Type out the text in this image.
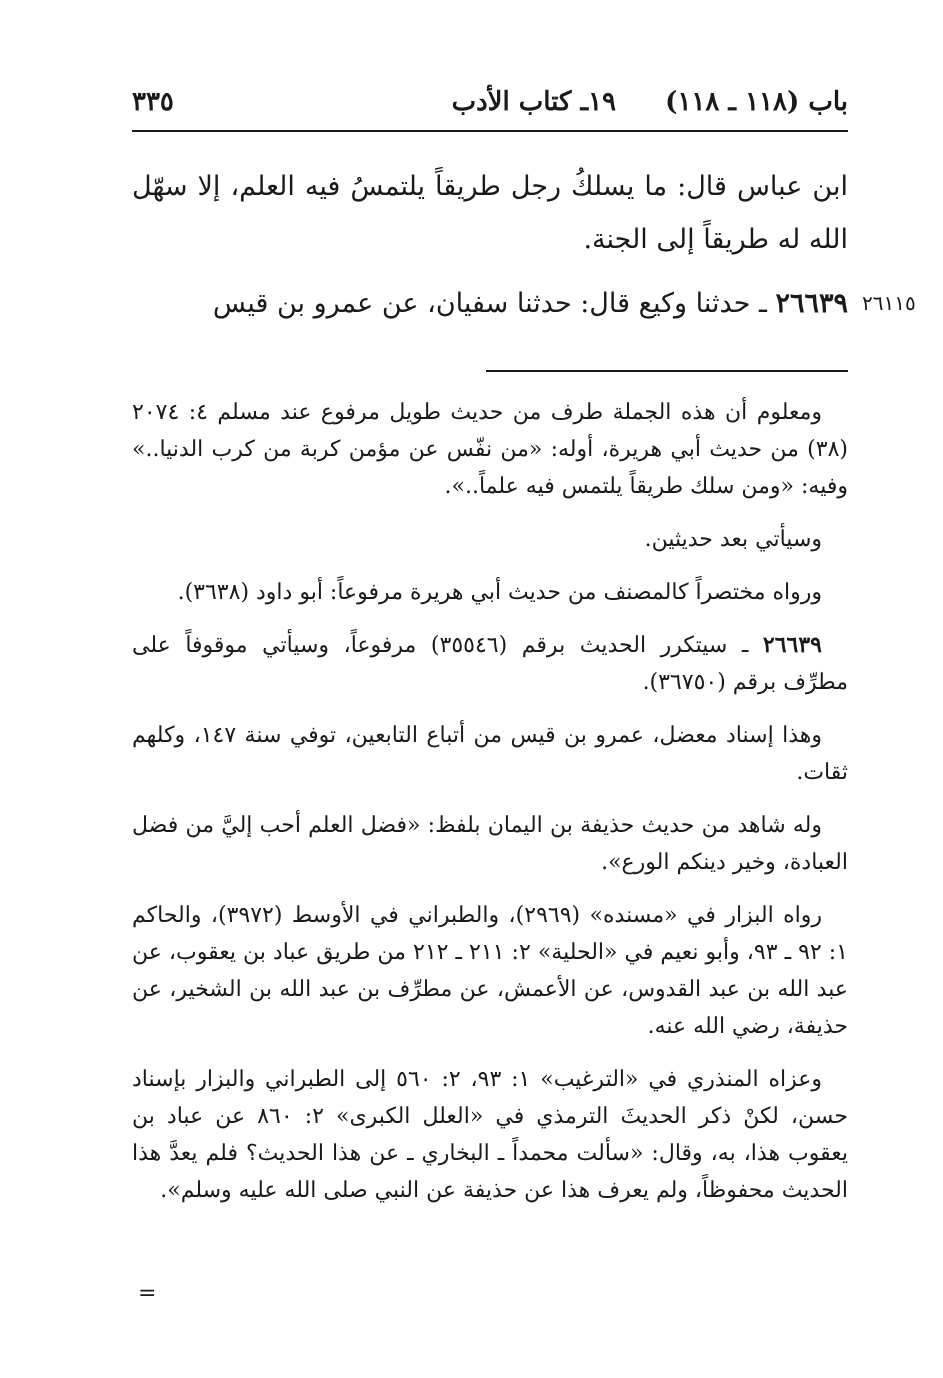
باب (١١٨ ـ ١١٨)
١٩ـ كتاب الأدب
٣٣٥

ابن عباس قال: ما يسلكُ رجل طريقاً يلتمسُ فيه العلم، إلا سهّل الله له طريقاً إلى الجنة.

٢٦١١٥
٢٦٦٣٩ ـ حدثنا وكيع قال: حدثنا سفيان، عن عمرو بن قيس

ومعلوم أن هذه الجملة طرف من حديث طويل مرفوع عند مسلم ٤: ٢٠٧٤ (٣٨) من حديث أبي هريرة، أوله: «من نفّس عن مؤمن كربة من كرب الدنيا..» وفيه: «ومن سلك طريقاً يلتمس فيه علماً..».

وسيأتي بعد حديثين.

ورواه مختصراً كالمصنف من حديث أبي هريرة مرفوعاً: أبو داود (٣٦٣٨).

٢٦٦٣٩ ـ سيتكرر الحديث برقم (٣٥٥٤٦) مرفوعاً، وسيأتي موقوفاً على مطرِّف برقم (٣٦٧٥٠).

وهذا إسناد معضل، عمرو بن قيس من أتباع التابعين، توفي سنة ١٤٧، وكلهم ثقات.

وله شاهد من حديث حذيفة بن اليمان بلفظ: «فضل العلم أحب إليَّ من فضل العبادة، وخير دينكم الورع».

رواه البزار في «مسنده» (٢٩٦٩)، والطبراني في الأوسط (٣٩٧٢)، والحاكم ١: ٩٢ ـ ٩٣، وأبو نعيم في «الحلية» ٢: ٢١١ ـ ٢١٢ من طريق عباد بن يعقوب، عن عبد الله بن عبد القدوس، عن الأعمش، عن مطرِّف بن عبد الله بن الشخير، عن حذيفة، رضي الله عنه.

وعزاه المنذري في «الترغيب» ١: ٩٣، ٢: ٥٦٠ إلى الطبراني والبزار بإسناد حسن، لكنْ ذكر الحديثَ الترمذي في «العلل الكبرى» ٢: ٨٦٠ عن عباد بن يعقوب هذا، به، وقال: «سألت محمداً ـ البخاري ـ عن هذا الحديث؟ فلم يعدَّ هذا الحديث محفوظاً، ولم يعرف هذا عن حذيفة عن النبي صلى الله عليه وسلم».

=
